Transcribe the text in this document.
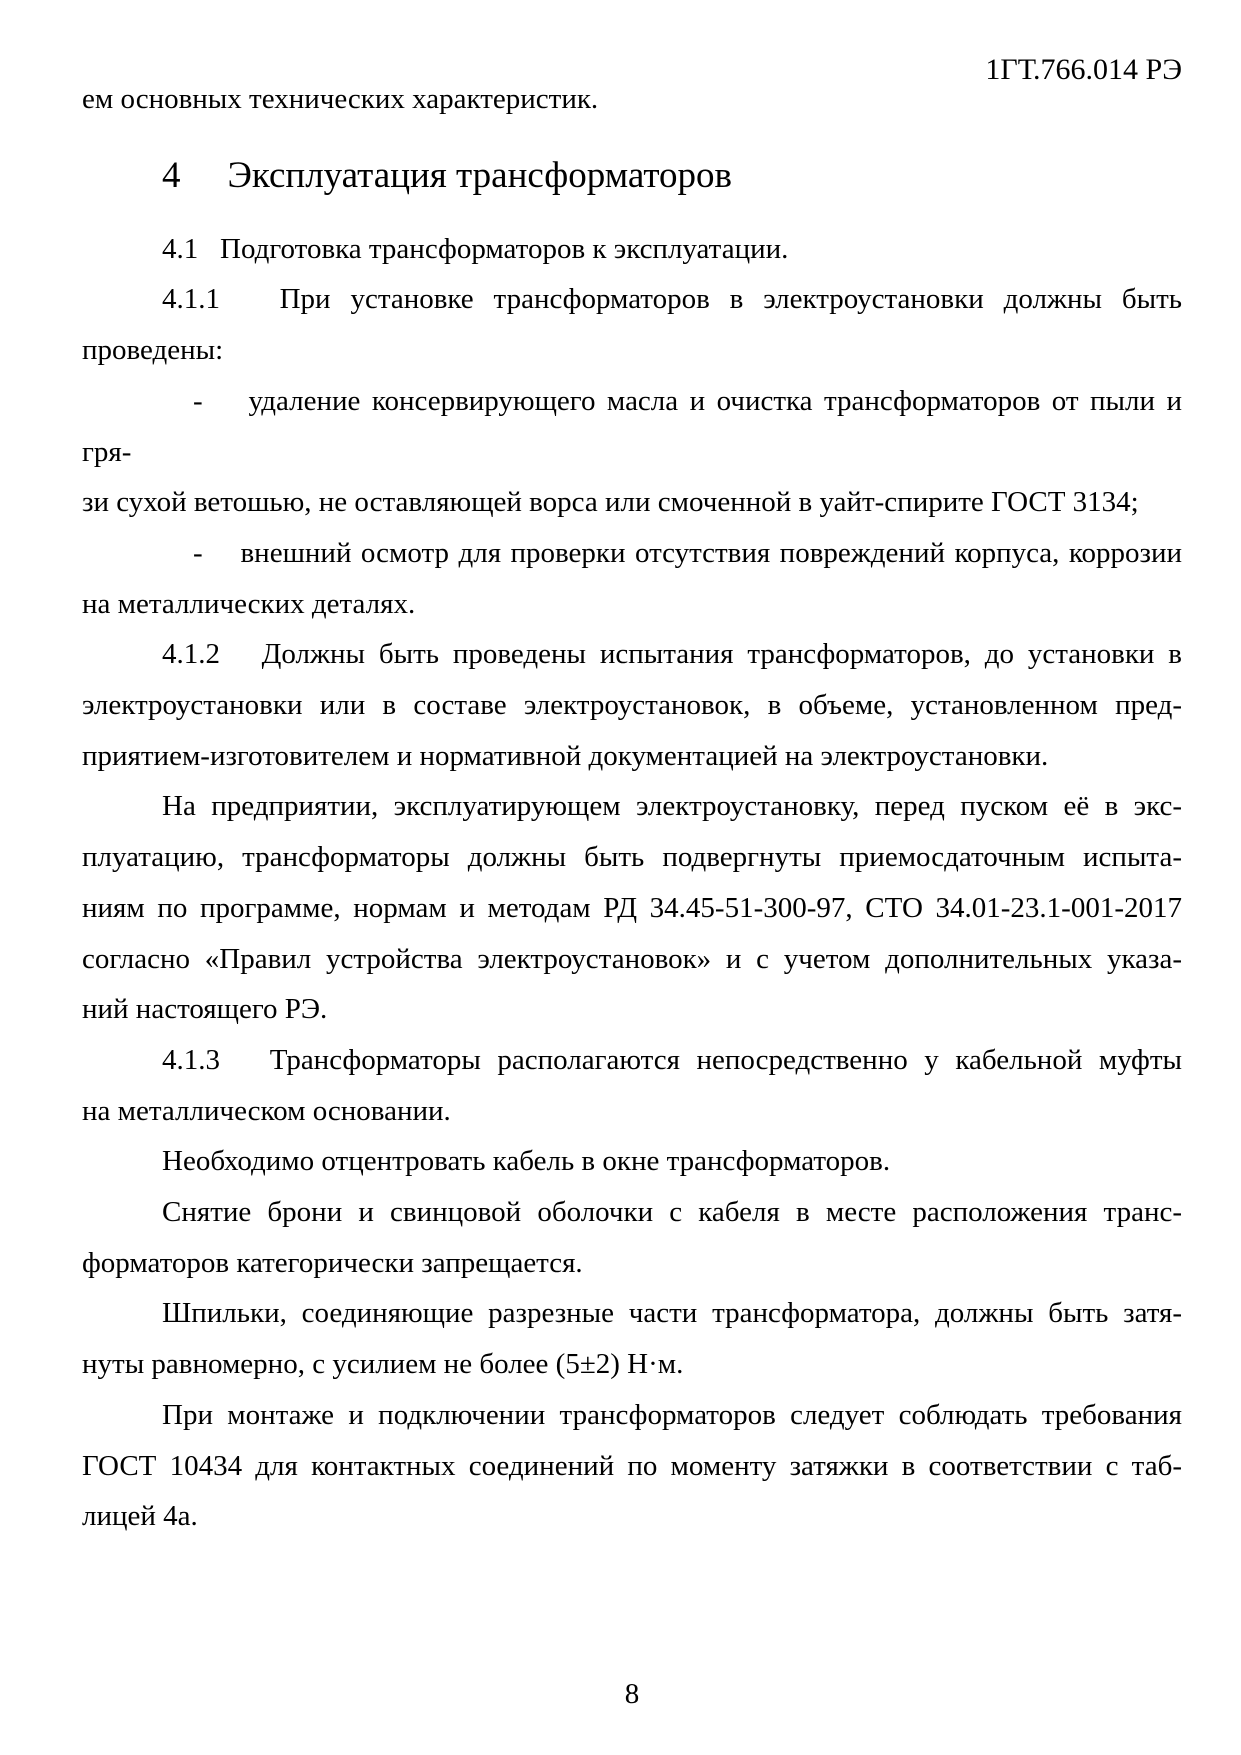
1ГТ.766.014 РЭ
ем основных технических характеристик.
4 Эксплуатация трансформаторов
4.1   Подготовка трансформаторов к эксплуатации.
4.1.1   При установке трансформаторов в электроустановки должны быть
проведены:
-    удаление консервирующего масла и очистка трансформаторов от пыли и гря-
зи сухой ветошью, не оставляющей ворса или смоченной в уайт-спирите ГОСТ 3134;
-    внешний осмотр для проверки отсутствия повреждений корпуса, коррозии
на металлических деталях.
4.1.2   Должны быть проведены испытания трансформаторов, до установки в
электроустановки или в составе электроустановок, в объеме, установленном пред-
приятием-изготовителем и нормативной документацией на электроустановки.
На предприятии, эксплуатирующем электроустановку, перед пуском её в экс-
плуатацию, трансформаторы должны быть подвергнуты приемосдаточным испыта-
ниям по программе, нормам и методам РД 34.45-51-300-97, СТО 34.01-23.1-001-2017
согласно «Правил устройства электроустановок» и с учетом дополнительных указа-
ний настоящего РЭ.
4.1.3   Трансформаторы располагаются непосредственно у кабельной муфты
на металлическом основании.
Необходимо отцентровать кабель в окне трансформаторов.
Снятие брони и свинцовой оболочки с кабеля в месте расположения транс-
форматоров категорически запрещается.
Шпильки, соединяющие разрезные части трансформатора, должны быть затя-
нуты равномерно, с усилием не более (5±2) Н·м.
При монтаже и подключении трансформаторов следует соблюдать требования
ГОСТ 10434 для контактных соединений по моменту затяжки в соответствии с таб-
лицей 4а.
8
